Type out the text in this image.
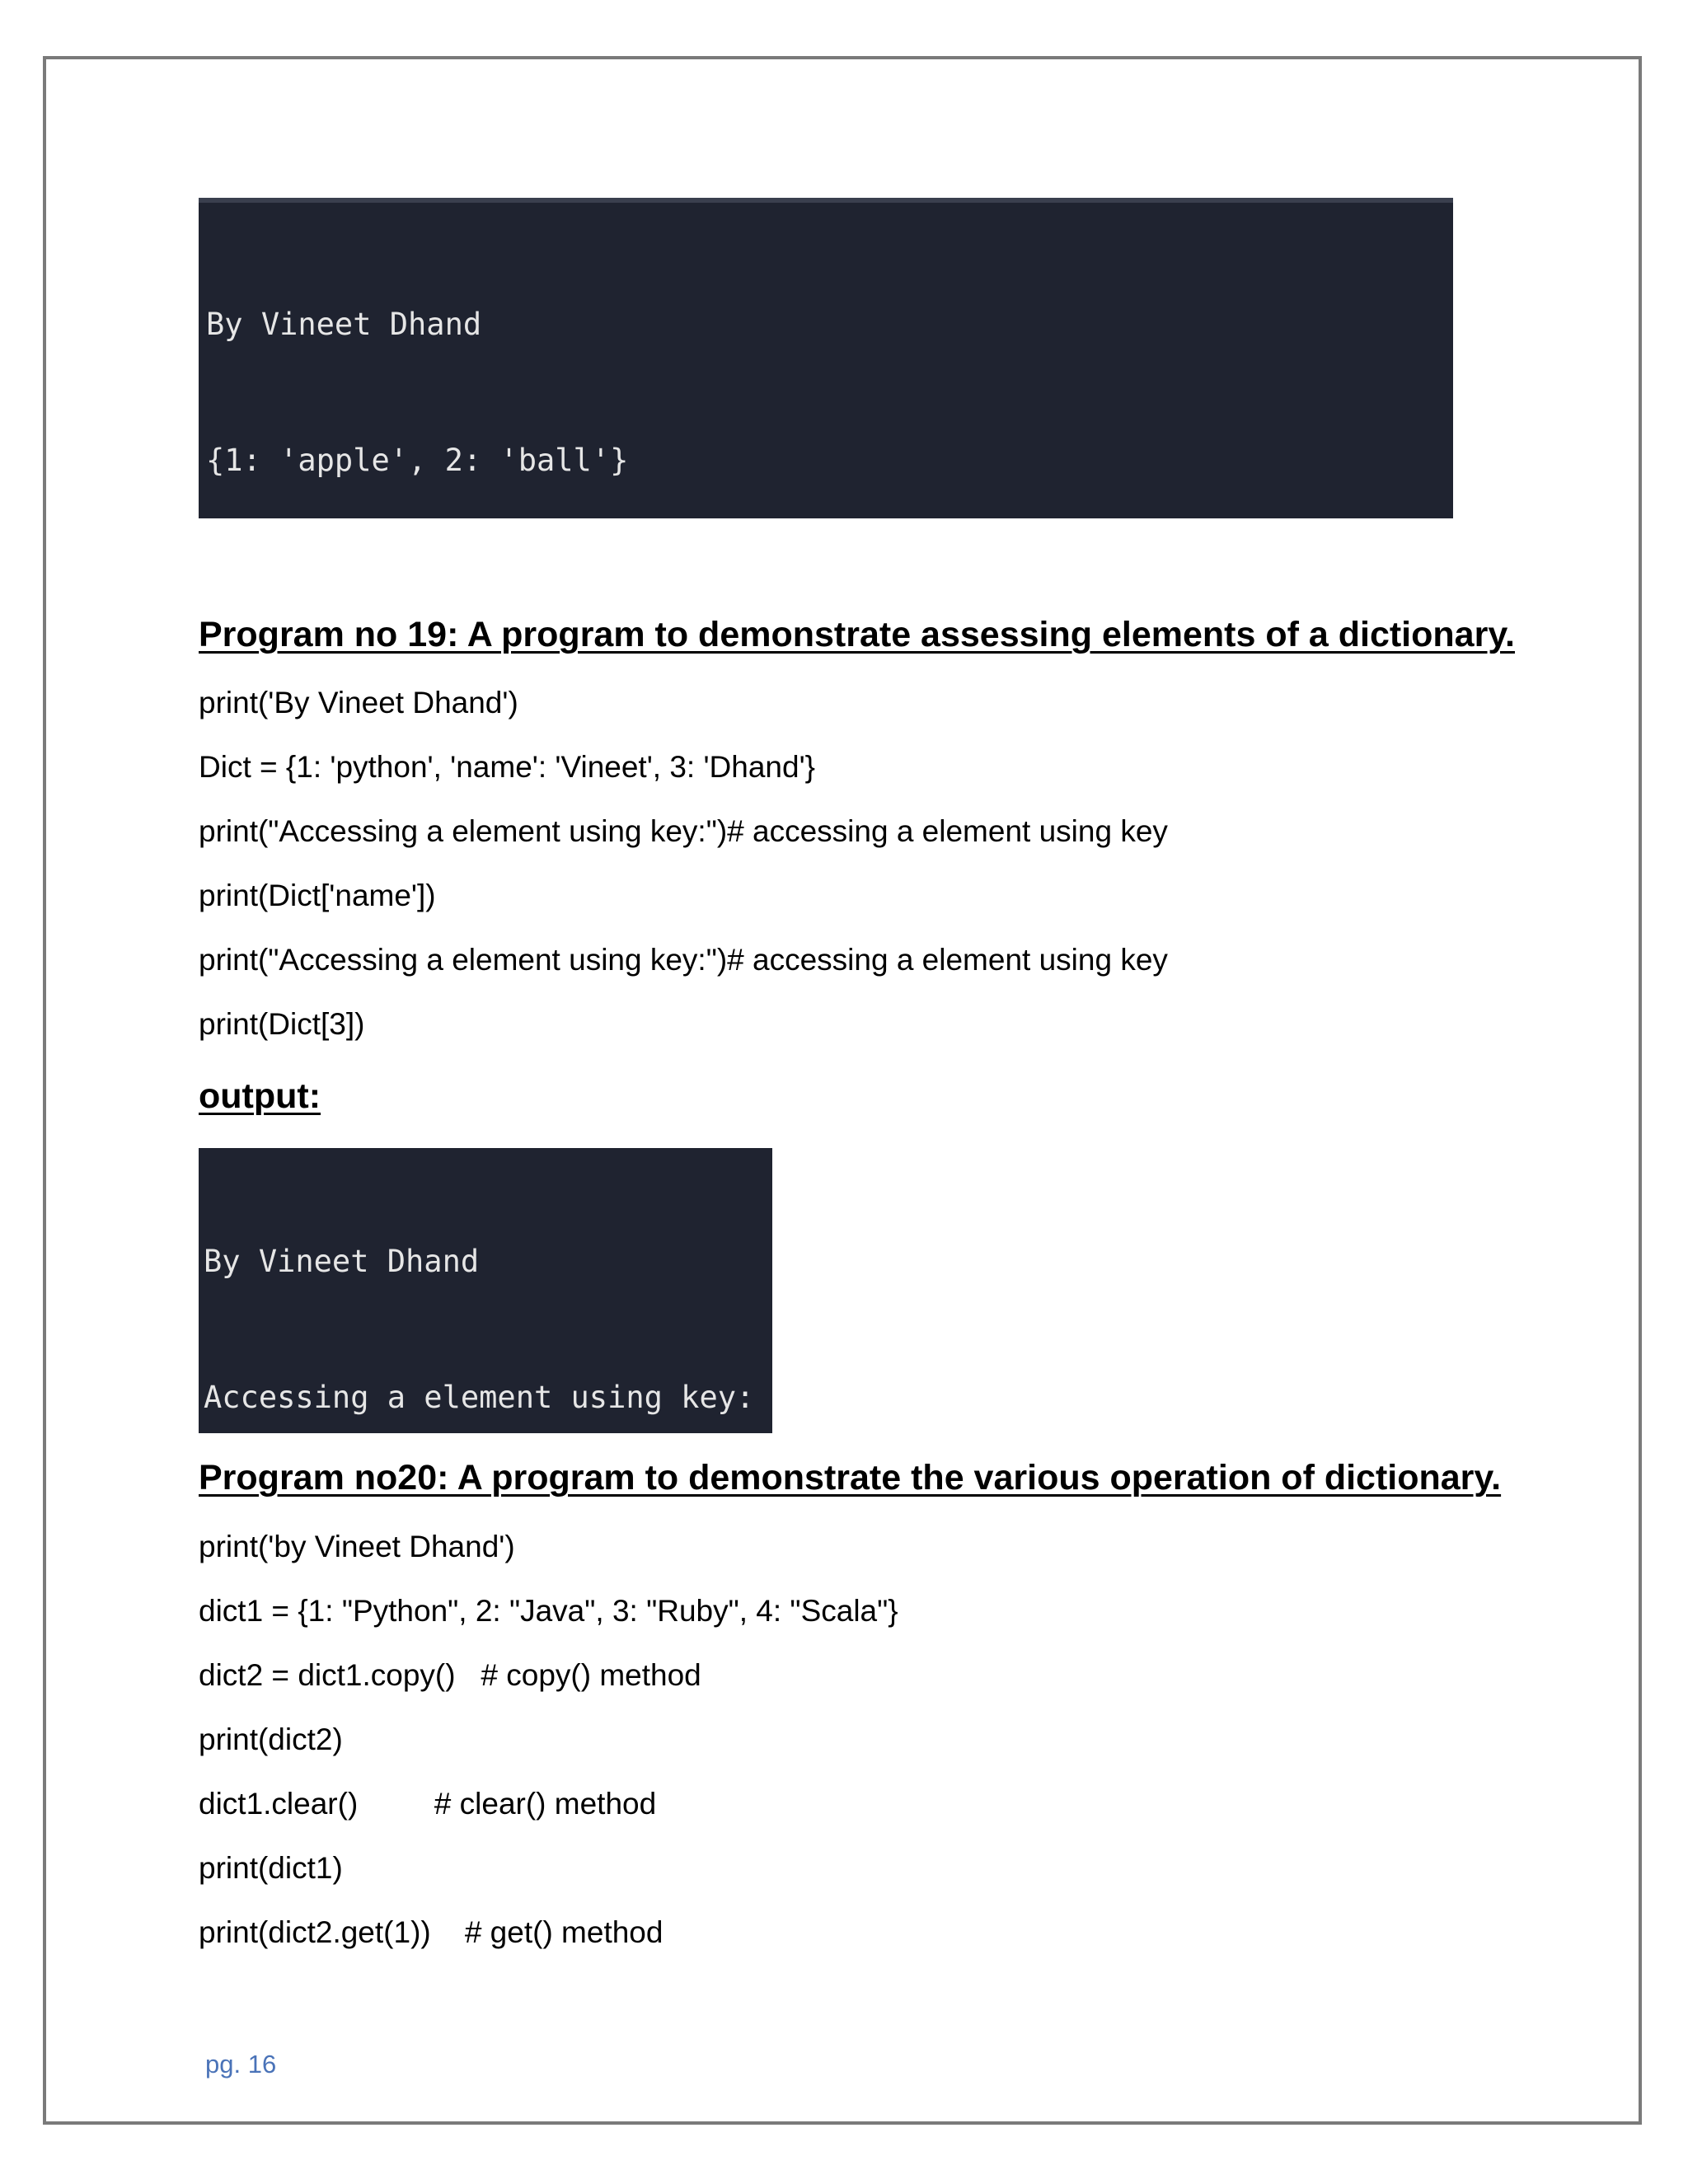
By Vineet Dhand

{1: 'apple', 2: 'ball'}

Program no 19: A program to demonstrate assessing elements of a dictionary.
print('By Vineet Dhand')
Dict = {1: 'python', 'name': 'Vineet', 3: 'Dhand'}
print("Accessing a element using key:")# accessing a element using key
print(Dict['name'])
print("Accessing a element using key:")# accessing a element using key
print(Dict[3])
output:

By Vineet Dhand

Accessing a element using key:

Program no20: A program to demonstrate the various operation of dictionary.
print('by Vineet Dhand')
dict1 = {1: "Python", 2: "Java", 3: "Ruby", 4: "Scala"}
dict2 = dict1.copy()   # copy() method
print(dict2)
dict1.clear()         # clear() method
print(dict1)
print(dict2.get(1))    # get() method
pg. 16
